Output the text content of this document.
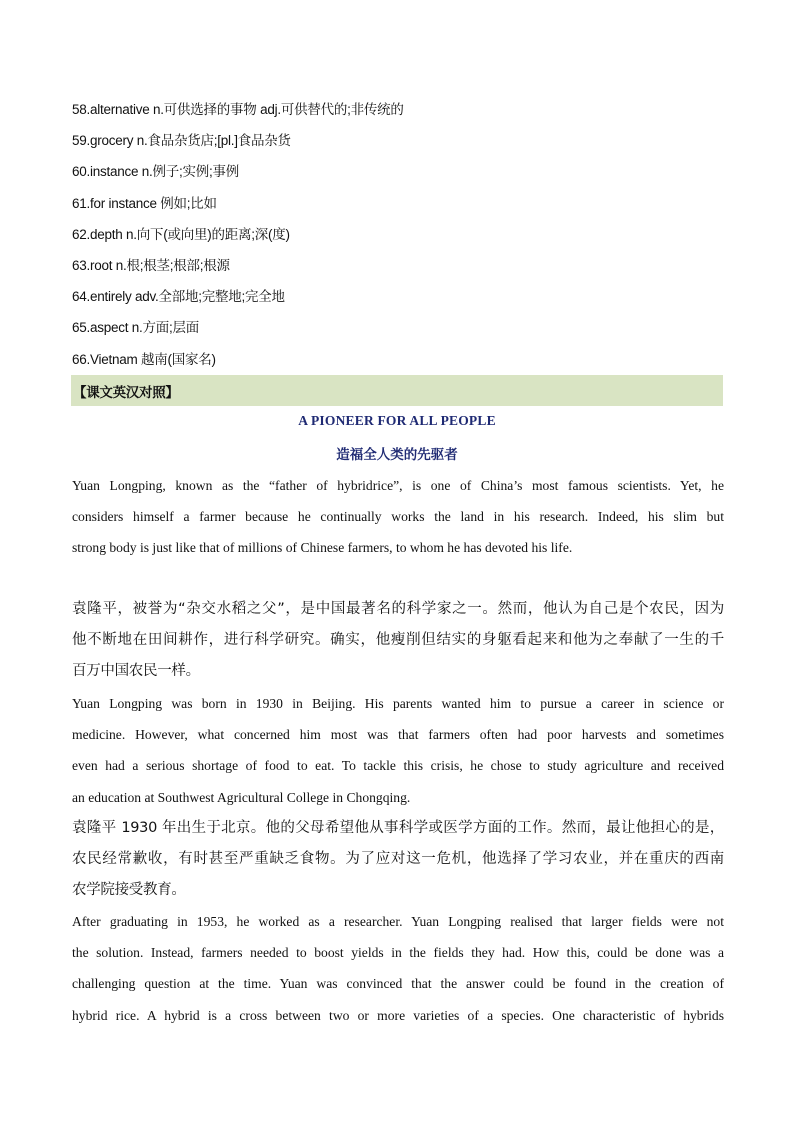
58.alternative n.可供选择的事物 adj.可供替代的;非传统的
59.grocery n.食品杂货店;[pl.]食品杂货
60.instance n.例子;实例;事例
61.for instance 例如;比如
62.depth n.向下(或向里)的距离;深(度)
63.root n.根;根茎;根部;根源
64.entirely adv.全部地;完整地;完全地
65.aspect n.方面;层面
66.Vietnam 越南(国家名)
【课文英汉对照】
A PIONEER FOR ALL PEOPLE
造福全人类的先驱者
Yuan Longping, known as the “father of hybridrice”, is one of China’s most famous scientists. Yet, he
considers himself a farmer because he continually works the land in his research. Indeed, his slim but
strong body is just like that of millions of Chinese farmers, to whom he has devoted his life.
袁隆平，被誉为“杂交水稻之父”，是中国最著名的科学家之一。然而，他认为自己是个农民，因为
他不断地在田间耕作，进行科学研究。确实，他瘦削但结实的身躯看起来和他为之奉献了一生的千
百万中国农民一样。
Yuan Longping was born in 1930 in Beijing. His parents wanted him to pursue a career in science or
medicine. However, what concerned him most was that farmers often had poor harvests and sometimes
even had a serious shortage of food to eat. To tackle this crisis, he chose to study agriculture and received
an education at Southwest Agricultural College in Chongqing.
袁隆平 1930 年出生于北京。他的父母希望他从事科学或医学方面的工作。然而，最让他担心的是，
农民经常歉收，有时甚至严重缺乏食物。为了应对这一危机，他选择了学习农业，并在重庆的西南
农学院接受教育。
After graduating in 1953, he worked as a researcher. Yuan Longping realised that larger fields were not
the solution. Instead, farmers needed to boost yields in the fields they had. How this, could be done was a
challenging question at the time. Yuan was convinced that the answer could be found in the creation of
hybrid rice. A hybrid is a cross between two or more varieties of a species. One characteristic of hybrids
